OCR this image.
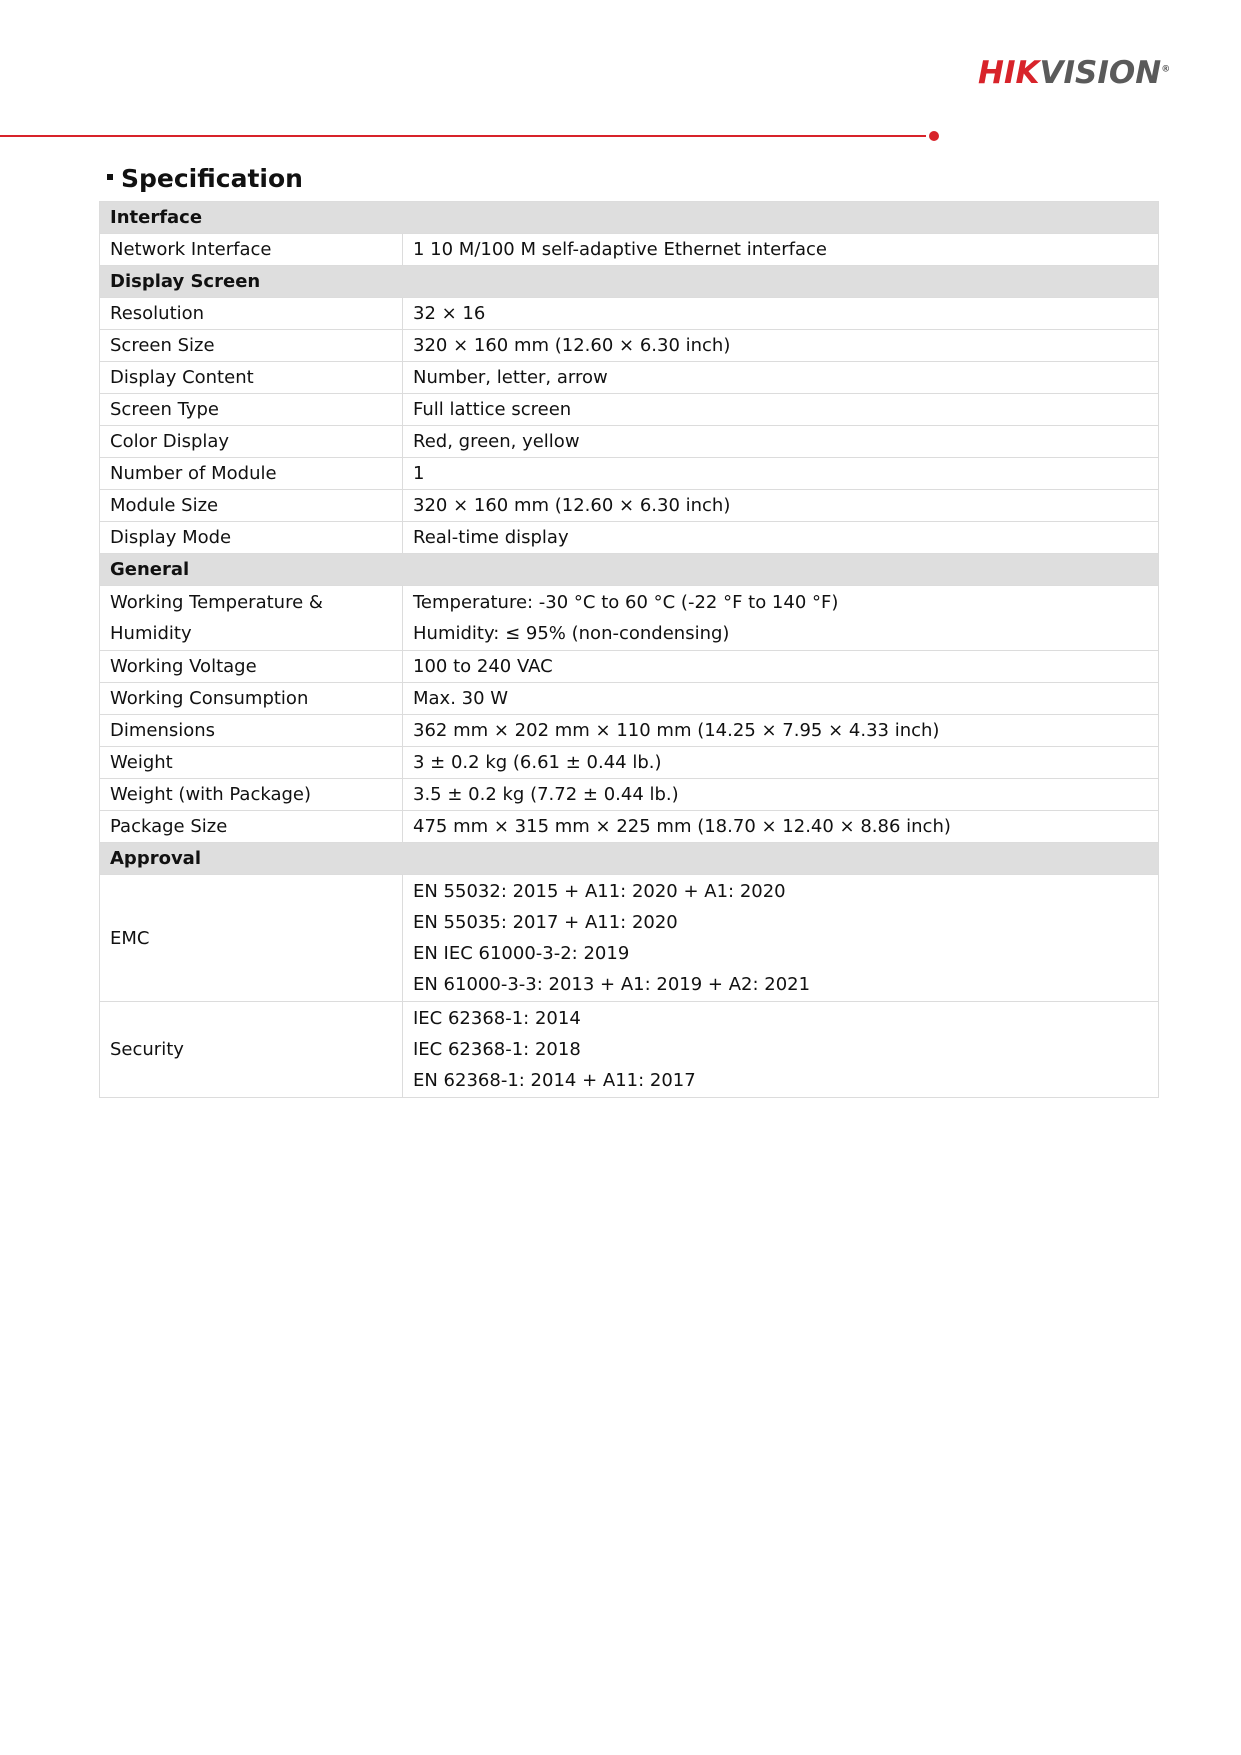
HIKVISION®
Specification
Interface	
Network Interface	1 10 M/100 M self-adaptive Ethernet interface

Display Screen	
Resolution	32 × 16

Screen Size	320 × 160 mm (12.60 × 6.30 inch)

Display Content	Number, letter, arrow

Screen Type	Full lattice screen

Color Display	Red, green, yellow

Number of Module	1

Module Size	320 × 160 mm (12.60 × 6.30 inch)

Display Mode	Real-time display

General	
Working Temperature & Humidity	Temperature: -30 °C to 60 °C (-22 °F to 140 °F)
Humidity: ≤ 95% (non-condensing)

Working Voltage	100 to 240 VAC

Working Consumption	Max. 30 W

Dimensions	362 mm × 202 mm × 110 mm (14.25 × 7.95 × 4.33 inch)

Weight	3 ± 0.2 kg (6.61 ± 0.44 lb.)

Weight (with Package)	3.5 ± 0.2 kg (7.72 ± 0.44 lb.)

Package Size	475 mm × 315 mm × 225 mm (18.70 × 12.40 × 8.86 inch)

Approval	
EMC	EN 55032: 2015 + A11: 2020 + A1: 2020
EN 55035: 2017 + A11: 2020
EN IEC 61000-3-2: 2019
EN 61000-3-3: 2013 + A1: 2019 + A2: 2021

Security	IEC 62368-1: 2014
IEC 62368-1: 2018
EN 62368-1: 2014 + A11: 2017
